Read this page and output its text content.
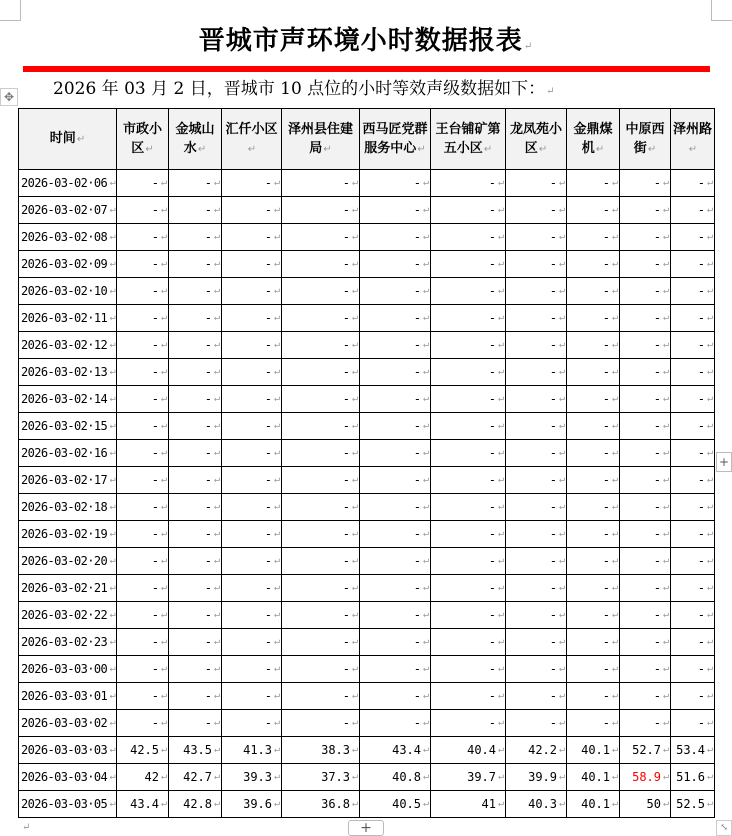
晋城市声环境小时数据报表 ↵
2026 年 03 月 2 日，晋城市 10 点位的小时等效声级数据如下： ↵
✥
时间 ↵	市政小区 ↵	金城山水 ↵	汇仟小区 ↵	泽州县住建局 ↵	西马匠党群服务中心 ↵	王台铺矿第五小区 ↵	龙凤苑小区 ↵	金鼎煤机 ↵	中原西街 ↵	泽州路 ↵
2026-03-02·06 ↵	- ↵	- ↵	- ↵	- ↵	- ↵	- ↵	- ↵	- ↵	- ↵	- ↵
2026-03-02·07 ↵	- ↵	- ↵	- ↵	- ↵	- ↵	- ↵	- ↵	- ↵	- ↵	- ↵
2026-03-02·08 ↵	- ↵	- ↵	- ↵	- ↵	- ↵	- ↵	- ↵	- ↵	- ↵	- ↵
2026-03-02·09 ↵	- ↵	- ↵	- ↵	- ↵	- ↵	- ↵	- ↵	- ↵	- ↵	- ↵
2026-03-02·10 ↵	- ↵	- ↵	- ↵	- ↵	- ↵	- ↵	- ↵	- ↵	- ↵	- ↵
2026-03-02·11 ↵	- ↵	- ↵	- ↵	- ↵	- ↵	- ↵	- ↵	- ↵	- ↵	- ↵
2026-03-02·12 ↵	- ↵	- ↵	- ↵	- ↵	- ↵	- ↵	- ↵	- ↵	- ↵	- ↵
2026-03-02·13 ↵	- ↵	- ↵	- ↵	- ↵	- ↵	- ↵	- ↵	- ↵	- ↵	- ↵
2026-03-02·14 ↵	- ↵	- ↵	- ↵	- ↵	- ↵	- ↵	- ↵	- ↵	- ↵	- ↵
2026-03-02·15 ↵	- ↵	- ↵	- ↵	- ↵	- ↵	- ↵	- ↵	- ↵	- ↵	- ↵
2026-03-02·16 ↵	- ↵	- ↵	- ↵	- ↵	- ↵	- ↵	- ↵	- ↵	- ↵	- ↵
2026-03-02·17 ↵	- ↵	- ↵	- ↵	- ↵	- ↵	- ↵	- ↵	- ↵	- ↵	- ↵
2026-03-02·18 ↵	- ↵	- ↵	- ↵	- ↵	- ↵	- ↵	- ↵	- ↵	- ↵	- ↵
2026-03-02·19 ↵	- ↵	- ↵	- ↵	- ↵	- ↵	- ↵	- ↵	- ↵	- ↵	- ↵
2026-03-02·20 ↵	- ↵	- ↵	- ↵	- ↵	- ↵	- ↵	- ↵	- ↵	- ↵	- ↵
2026-03-02·21 ↵	- ↵	- ↵	- ↵	- ↵	- ↵	- ↵	- ↵	- ↵	- ↵	- ↵
2026-03-02·22 ↵	- ↵	- ↵	- ↵	- ↵	- ↵	- ↵	- ↵	- ↵	- ↵	- ↵
2026-03-02·23 ↵	- ↵	- ↵	- ↵	- ↵	- ↵	- ↵	- ↵	- ↵	- ↵	- ↵
2026-03-03·00 ↵	- ↵	- ↵	- ↵	- ↵	- ↵	- ↵	- ↵	- ↵	- ↵	- ↵
2026-03-03·01 ↵	- ↵	- ↵	- ↵	- ↵	- ↵	- ↵	- ↵	- ↵	- ↵	- ↵
2026-03-03·02 ↵	- ↵	- ↵	- ↵	- ↵	- ↵	- ↵	- ↵	- ↵	- ↵	- ↵
2026-03-03·03 ↵	42.5 ↵	43.5 ↵	41.3 ↵	38.3 ↵	43.4 ↵	40.4 ↵	42.2 ↵	40.1 ↵	52.7 ↵	53.4 ↵
2026-03-03·04 ↵	42 ↵	42.7 ↵	39.3 ↵	37.3 ↵	40.8 ↵	39.7 ↵	39.9 ↵	40.1 ↵	58.9 ↵	51.6 ↵
2026-03-03·05 ↵	43.4 ↵	42.8 ↵	39.6 ↵	36.8 ↵	40.5 ↵	41 ↵	40.3 ↵	40.1 ↵	50 ↵	52.5 ↵
+
↵	+	⤡
